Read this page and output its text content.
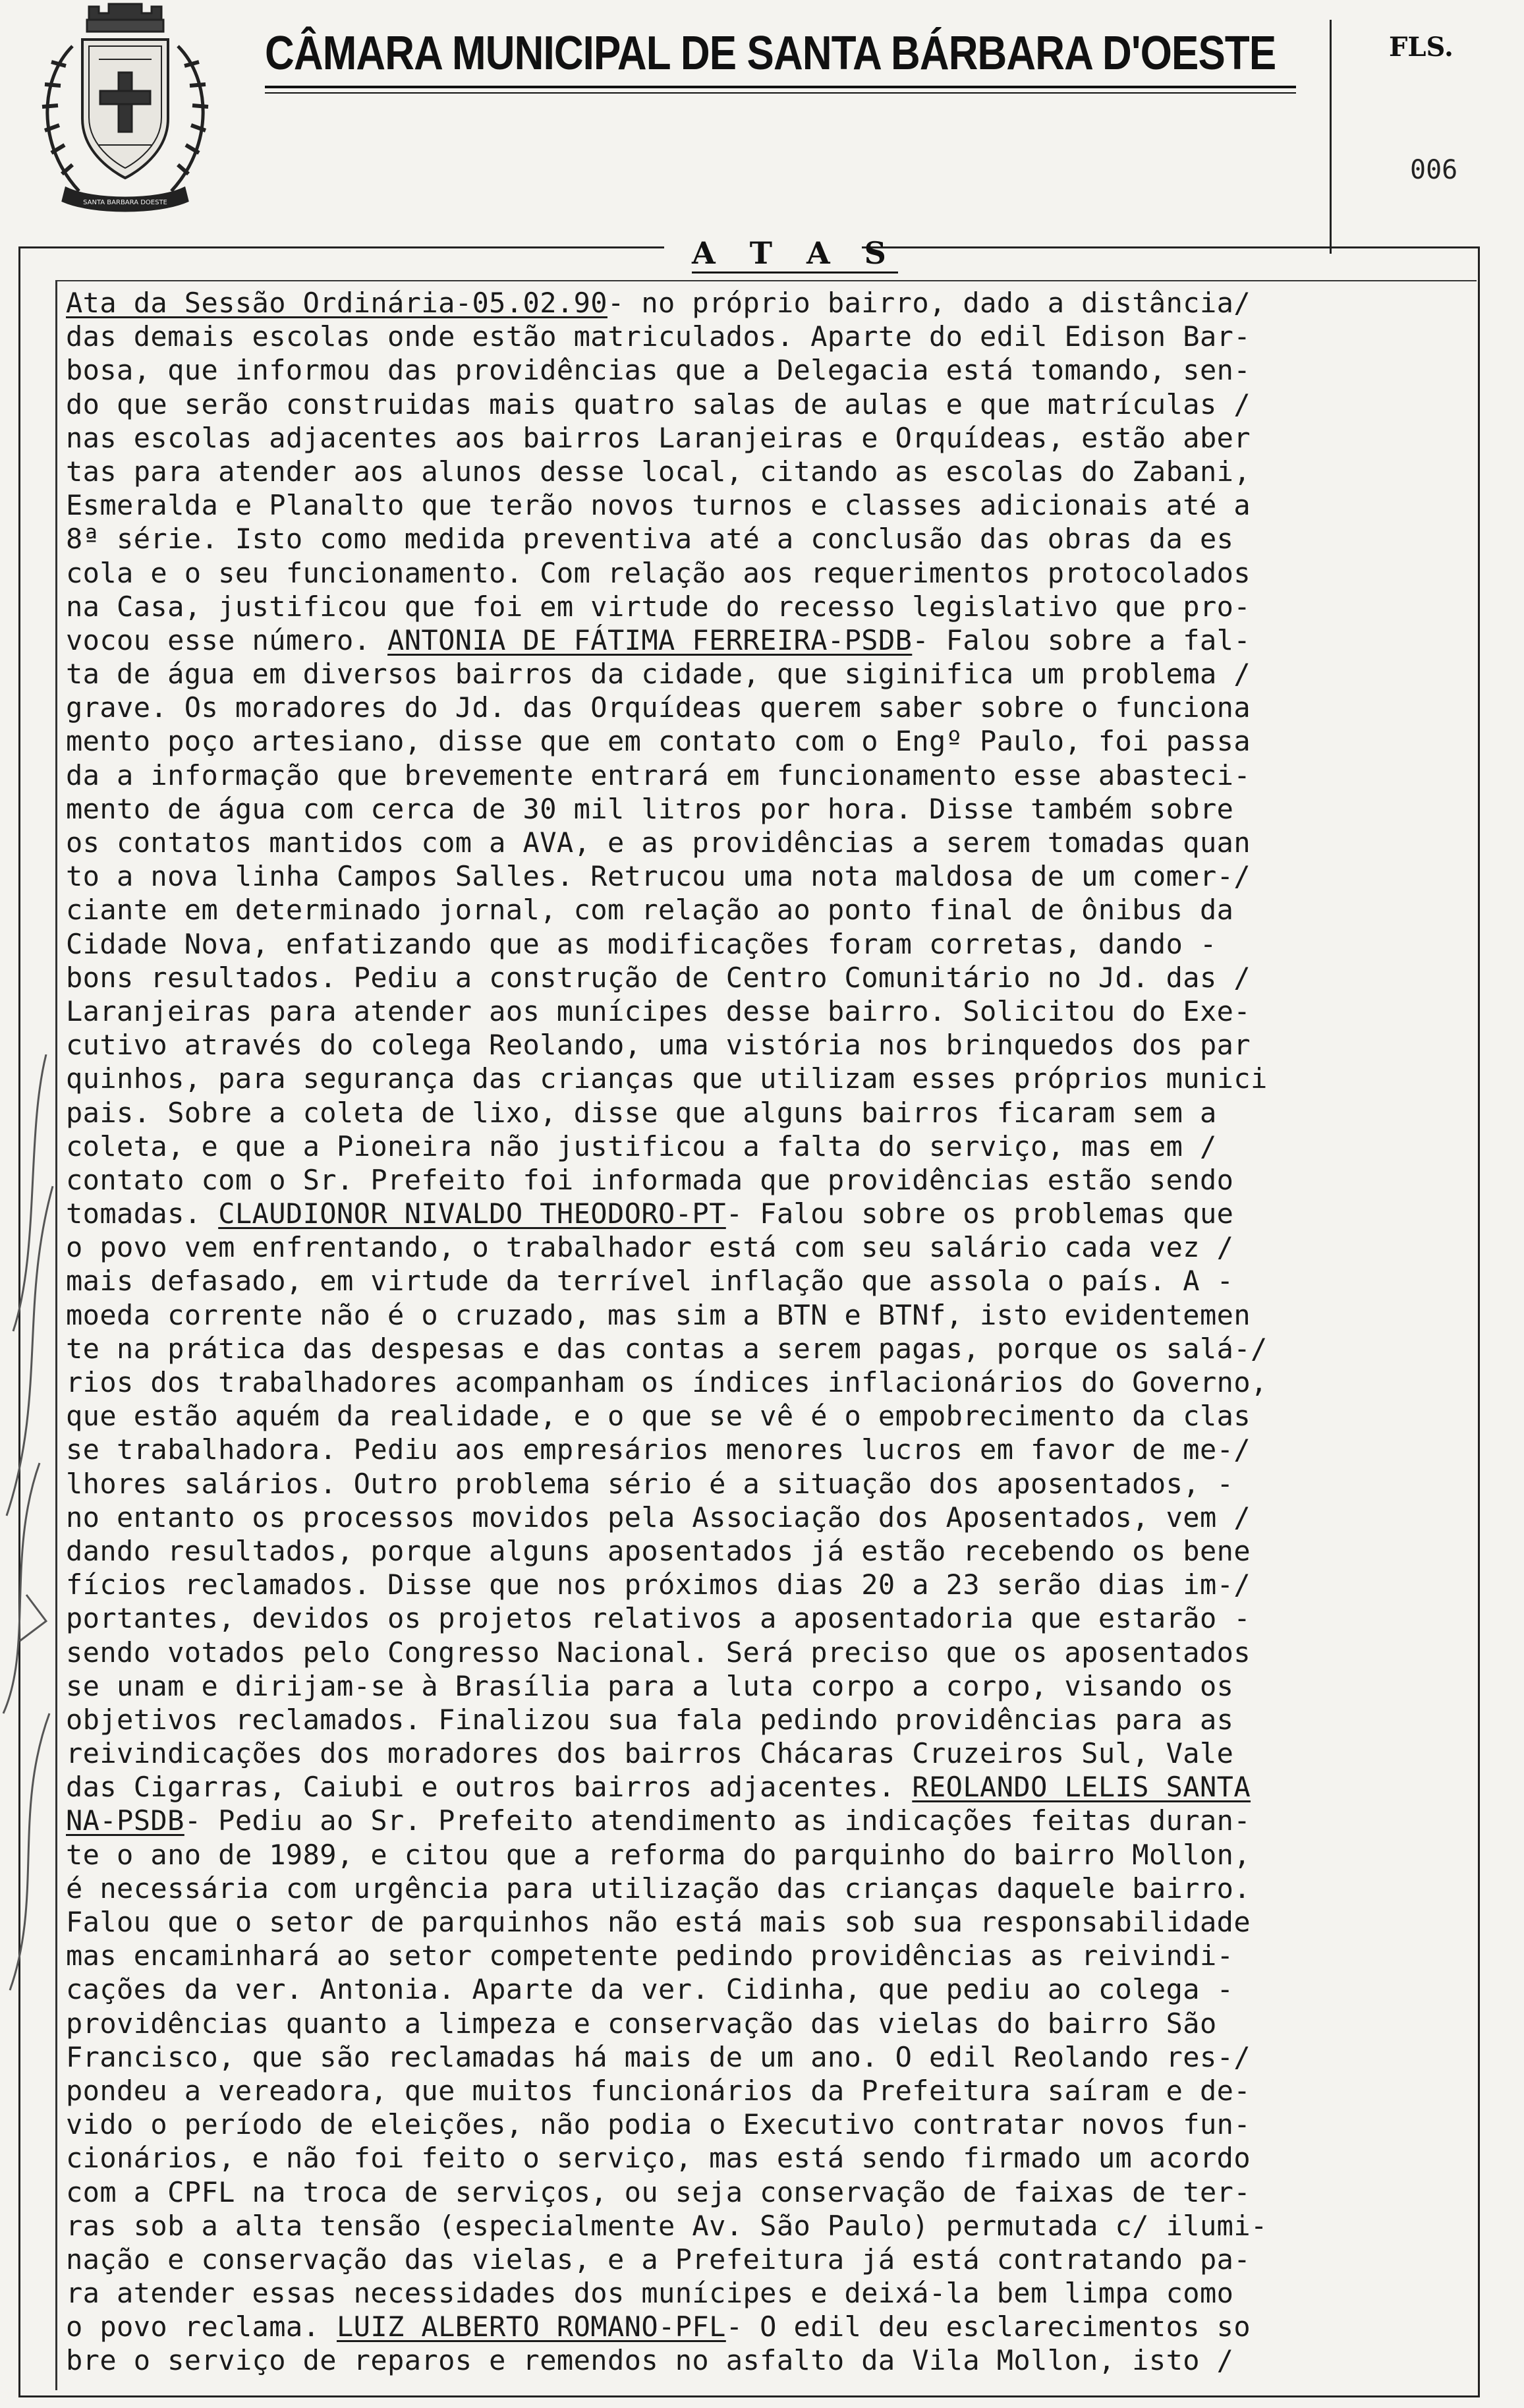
SANTA BARBARA DOESTE
CÂMARA MUNICIPAL DE SANTA BÁRBARA D'OESTE	FLS.
006
A T A S
Ata da Sessão Ordinária-05.02.90- no próprio bairro, dado a distância/
das demais escolas onde estão matriculados. Aparte do edil Edison Bar-
bosa, que informou das providências que a Delegacia está tomando, sen-
do que serão construidas mais quatro salas de aulas e que matrículas /
nas escolas adjacentes aos bairros Laranjeiras e Orquídeas, estão aber
tas para atender aos alunos desse local, citando as escolas do Zabani,
Esmeralda e Planalto que terão novos turnos e classes adicionais até a
8ª série. Isto como medida preventiva até a conclusão das obras da es
cola e o seu funcionamento. Com relação aos requerimentos protocolados
na Casa, justificou que foi em virtude do recesso legislativo que pro-
vocou esse número. ANTONIA DE FÁTIMA FERREIRA-PSDB- Falou sobre a fal-
ta de água em diversos bairros da cidade, que siginifica um problema /
grave. Os moradores do Jd. das Orquídeas querem saber sobre o funciona
mento poço artesiano, disse que em contato com o Engº Paulo, foi passa
da a informação que brevemente entrará em funcionamento esse abasteci-
mento de água com cerca de 30 mil litros por hora. Disse também sobre
os contatos mantidos com a AVA, e as providências a serem tomadas quan
to a nova linha Campos Salles. Retrucou uma nota maldosa de um comer-/
ciante em determinado jornal, com relação ao ponto final de ônibus da
Cidade Nova, enfatizando que as modificações foram corretas, dando -
bons resultados. Pediu a construção de Centro Comunitário no Jd. das /
Laranjeiras para atender aos munícipes desse bairro. Solicitou do Exe-
cutivo através do colega Reolando, uma vistória nos brinquedos dos par
quinhos, para segurança das crianças que utilizam esses próprios munici
pais. Sobre a coleta de lixo, disse que alguns bairros ficaram sem a
coleta, e que a Pioneira não justificou a falta do serviço, mas em /
contato com o Sr. Prefeito foi informada que providências estão sendo
tomadas. CLAUDIONOR NIVALDO THEODORO-PT- Falou sobre os problemas que
o povo vem enfrentando, o trabalhador está com seu salário cada vez /
mais defasado, em virtude da terrível inflação que assola o país. A -
moeda corrente não é o cruzado, mas sim a BTN e BTNf, isto evidentemen
te na prática das despesas e das contas a serem pagas, porque os salá-/
rios dos trabalhadores acompanham os índices inflacionários do Governo,
que estão aquém da realidade, e o que se vê é o empobrecimento da clas
se trabalhadora. Pediu aos empresários menores lucros em favor de me-/
lhores salários. Outro problema sério é a situação dos aposentados, -
no entanto os processos movidos pela Associação dos Aposentados, vem /
dando resultados, porque alguns aposentados já estão recebendo os bene
fícios reclamados. Disse que nos próximos dias 20 a 23 serão dias im-/
portantes, devidos os projetos relativos a aposentadoria que estarão -
sendo votados pelo Congresso Nacional. Será preciso que os aposentados
se unam e dirijam-se à Brasília para a luta corpo a corpo, visando os
objetivos reclamados. Finalizou sua fala pedindo providências para as
reivindicações dos moradores dos bairros Chácaras Cruzeiros Sul, Vale
das Cigarras, Caiubi e outros bairros adjacentes. REOLANDO LELIS SANTA
NA-PSDB- Pediu ao Sr. Prefeito atendimento as indicações feitas duran-
te o ano de 1989, e citou que a reforma do parquinho do bairro Mollon,
é necessária com urgência para utilização das crianças daquele bairro.
Falou que o setor de parquinhos não está mais sob sua responsabilidade
mas encaminhará ao setor competente pedindo providências as reivindi-
cações da ver. Antonia. Aparte da ver. Cidinha, que pediu ao colega -
providências quanto a limpeza e conservação das vielas do bairro São
Francisco, que são reclamadas há mais de um ano. O edil Reolando res-/
pondeu a vereadora, que muitos funcionários da Prefeitura saíram e de-
vido o período de eleições, não podia o Executivo contratar novos fun-
cionários, e não foi feito o serviço, mas está sendo firmado um acordo
com a CPFL na troca de serviços, ou seja conservação de faixas de ter-
ras sob a alta tensão (especialmente Av. São Paulo) permutada c/ ilumi-
nação e conservação das vielas, e a Prefeitura já está contratando pa-
ra atender essas necessidades dos munícipes e deixá-la bem limpa como
o povo reclama. LUIZ ALBERTO ROMANO-PFL- O edil deu esclarecimentos so
bre o serviço de reparos e remendos no asfalto da Vila Mollon, isto /
